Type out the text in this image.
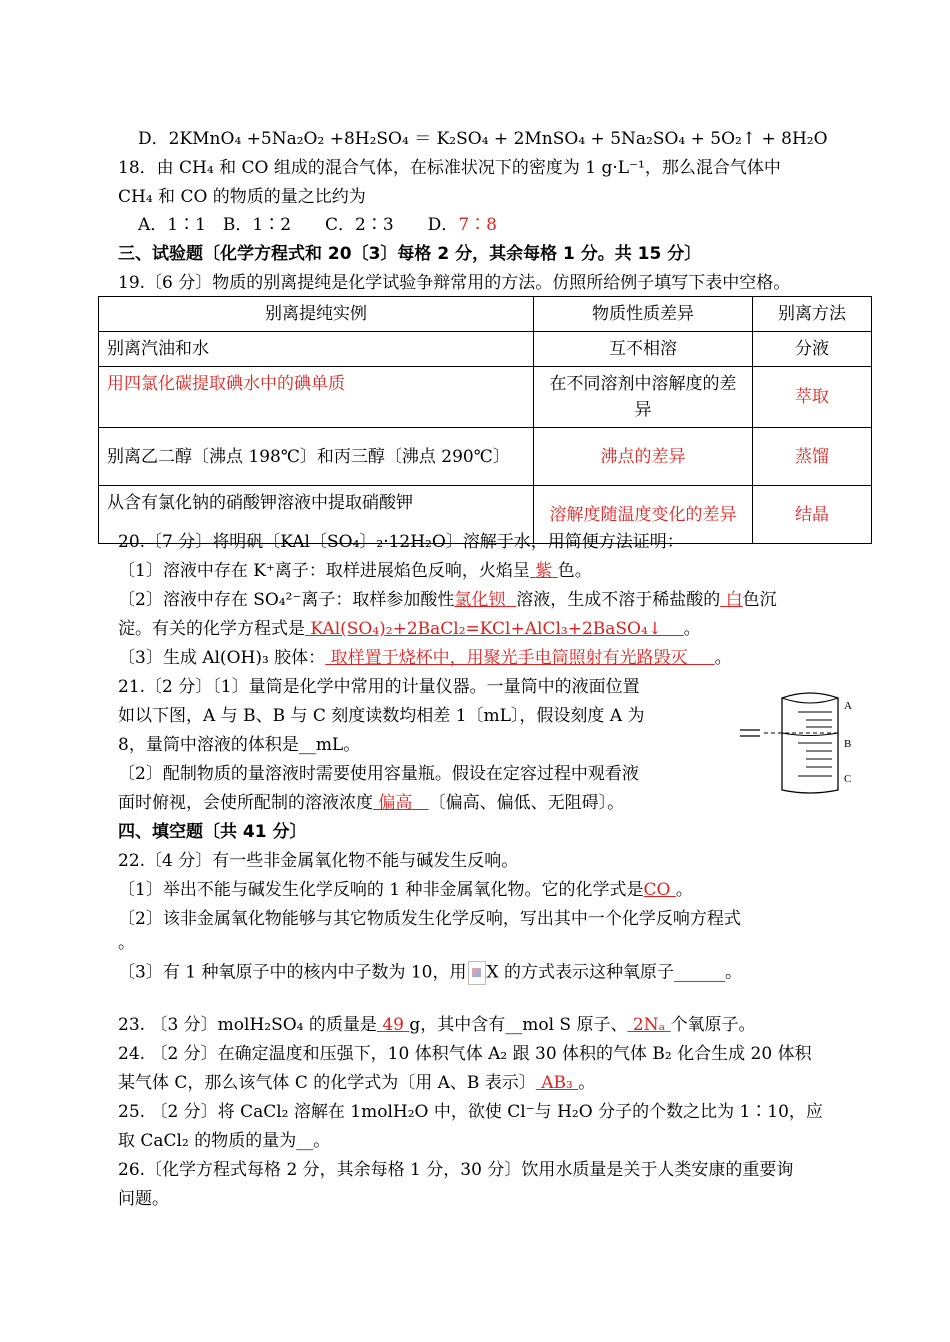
D．2KMnO₄ +5Na₂O₂ +8H₂SO₄ ＝ K₂SO₄ + 2MnSO₄ + 5Na₂SO₄ + 5O₂↑ + 8H₂O
18．由 CH₄ 和 CO 组成的混合气体，在标准状况下的密度为 1 g·L⁻¹，那么混合气体中
CH₄ 和 CO 的物质的量之比约为
A．1∶1　B．1∶2　　C．2∶3　　D．7∶8
三、试验题〔化学方程式和 20〔3〕每格 2 分，其余每格 1 分。共 15 分〕
19.〔6 分〕物质的别离提纯是化学试验争辩常用的方法。仿照所给例子填写下表中空格。
别离提纯实例	物质性质差异	别离方法
别离汽油和水	互不相溶	分液
用四氯化碳提取碘水中的碘单质	在不同溶剂中溶解度的差异	萃取
别离乙二醇〔沸点 198℃〕和丙三醇〔沸点 290℃〕	沸点的差异	蒸馏
从含有氯化钠的硝酸钾溶液中提取硝酸钾	溶解度随温度变化的差异	结晶
20.〔7 分〕将明矾〔KAl〔SO₄〕₂·12H₂O〕溶解于水，用简便方法证明：
〔1〕溶液中存在 K⁺离子：取样进展焰色反响，火焰呈 紫 色。
〔2〕溶液中存在 SO₄²⁻离子：取样参加酸性氯化钡 溶液，生成不溶于稀盐酸的 白色沉
淀。有关的化学方程式是 KAl(SO₄)₂+2BaCl₂=KCl+AlCl₃+2BaSO₄↓ 。
〔3〕生成 Al(OH)₃ 胶体： 取样置于烧杯中，用聚光手电筒照射有光路毁灭 。
21.〔2 分〕〔1〕量筒是化学中常用的计量仪器。一量筒中的液面位置
如以下图，A 与 B、B 与 C 刻度读数均相差 1〔mL〕，假设刻度 A 为
8，量筒中溶液的体积是__mL。
〔2〕配制物质的量溶液时需要使用容量瓶。假设在定容过程中观看液
面时俯视，会使所配制的溶液浓度 偏高 〔偏高、偏低、无阻碍〕。
A
B
C
四、填空题〔共 41 分〕
22.〔4 分〕有一些非金属氧化物不能与碱发生反响。
〔1〕举出不能与碱发生化学反响的 1 种非金属氧化物。它的化学式是CO 。
〔2〕该非金属氧化物能够与其它物质发生化学反响，写出其中一个化学反响方程式
。
〔3〕有 1 种氧原子中的核内中子数为 10，用 X 的方式表示这种氧原子______。
23. 〔3 分〕molH₂SO₄ 的质量是 49 g，其中含有__mol S 原子、 2Nₐ 个氧原子。
24. 〔2 分〕在确定温度和压强下，10 体积气体 A₂ 跟 30 体积的气体 B₂ 化合生成 20 体积
某气体 C，那么该气体 C 的化学式为〔用 A、B 表示〕 AB₃ 。
25. 〔2 分〕将 CaCl₂ 溶解在 1molH₂O 中，欲使 Cl⁻与 H₂O 分子的个数之比为 1∶10，应
取 CaCl₂ 的物质的量为__。
26.〔化学方程式每格 2 分，其余每格 1 分，30 分〕饮用水质量是关于人类安康的重要询
问题。
